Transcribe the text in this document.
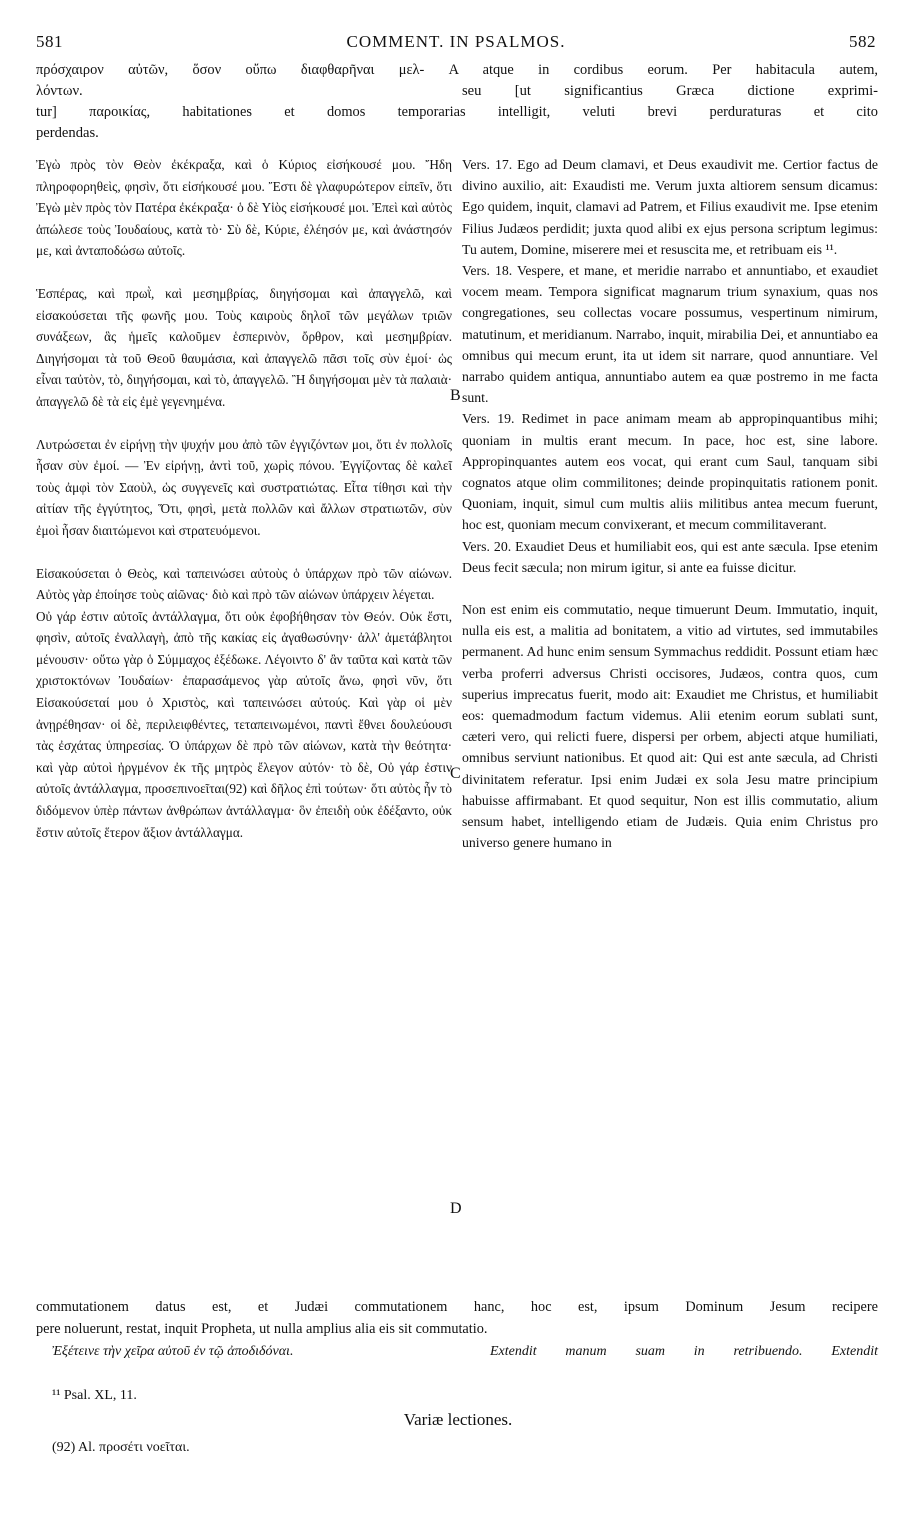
581	COMMENT. IN PSALMOS.	582
πρόσχαιρον αὐτῶν, ὅσον οὔπω διαφθαρῆναι μελ- A atque in cordibus eorum. Per habitacula autem,
λόντων.	seu [ut significantius Græca dictione exprimi-
tur] παροικίας, habitationes et domos temporarias intelligit, veluti brevi perduraturas et cito
perdendas.

Ἐγὼ πρὸς τὸν Θεὸν ἐκέκραξα, καὶ ὁ Κύριος εἰσήκουσέ μου. Ἤδη πληροφορηθεὶς, φησὶν, ὅτι εἰσήκουσέ μου. Ἔστι δὲ γλαφυρώτερον εἰπεῖν, ὅτι Ἐγὼ μὲν πρὸς τὸν Πατέρα ἐκέκραξα· ὁ δὲ Υἱὸς εἰσήκουσέ μοι. Ἐπεὶ καὶ αὐτὸς ἀπώλεσε τοὺς Ἰουδαίους, κατὰ τὸ· Σὺ δὲ, Κύριε, ἐλέησόν με, καὶ ἀνάστησόν με, καὶ ἀνταποδώσω αὐτοῖς.

Ἑσπέρας, καὶ πρωῒ, καὶ μεσημβρίας, διηγήσομαι καὶ ἀπαγγελῶ, καὶ εἰσακούσεται τῆς φωνῆς μου. Τοὺς καιροὺς δηλοῖ τῶν μεγάλων τριῶν συνάξεων, ἃς ἡμεῖς καλοῦμεν ἑσπερινὸν, ὄρθρον, καὶ μεσημβρίαν. Διηγήσομαι τὰ τοῦ Θεοῦ θαυμάσια, καὶ ἀπαγγελῶ πᾶσι τοῖς σὺν ἐμοί· ὡς εἶναι ταὐτὸν, τὸ, διηγήσομαι, καὶ τὸ, ἀπαγγελῶ. Ἢ διηγήσομαι μὲν τὰ παλαιὰ· ἀπαγγελῶ δὲ τὰ εἰς ἐμὲ γεγενημένα.

Λυτρώσεται ἐν εἰρήνῃ τὴν ψυχήν μου ἀπὸ τῶν ἐγγιζόντων μοι, ὅτι ἐν πολλοῖς ἦσαν σὺν ἐμοί. — Ἐν εἰρήνῃ, ἀντὶ τοῦ, χωρὶς πόνου. Ἐγγίζοντας δὲ καλεῖ τοὺς ἀμφὶ τὸν Σαοὺλ, ὡς συγγενεῖς καὶ συστρατιώτας. Εἶτα τίθησι καὶ τὴν αἰτίαν τῆς ἐγγύτητος, Ὅτι, φησὶ, μετὰ πολλῶν καὶ ἄλλων στρατιωτῶν, σὺν ἐμοὶ ἦσαν διαιτώμενοι καὶ στρατευόμενοι.

Εἰσακούσεται ὁ Θεὸς, καὶ ταπεινώσει αὐτοὺς ὁ ὑπάρχων πρὸ τῶν αἰώνων. Αὐτὸς γὰρ ἐποίησε τοὺς αἰῶνας· διὸ καὶ πρὸ τῶν αἰώνων ὑπάρχειν λέγεται.

Οὐ γάρ ἐστιν αὐτοῖς ἀντάλλαγμα, ὅτι οὐκ ἐφοβήθησαν τὸν Θεόν. Οὐκ ἔστι, φησὶν, αὐτοῖς ἐναλλαγὴ, ἀπὸ τῆς κακίας εἰς ἀγαθωσύνην· ἀλλ' ἀμετάβλητοι μένουσιν· οὕτω γὰρ ὁ Σύμμαχος ἐξέδωκε. Λέγοιντο δ' ἂν ταῦτα καὶ κατὰ τῶν χριστοκτόνων Ἰουδαίων· ἐπαρασάμενος γὰρ αὐτοῖς ἄνω, φησὶ νῦν, ὅτι Εἰσακούσεταί μου ὁ Χριστὸς, καὶ ταπεινώσει αὐτούς. Καὶ γὰρ οἱ μὲν ἀνῃρέθησαν· οἱ δὲ, περιλειφθέντες, τεταπεινωμένοι, παντὶ ἔθνει δουλεύουσι τὰς ἐσχάτας ὑπηρεσίας. Ὁ ὑπάρχων δὲ πρὸ τῶν αἰώνων, κατὰ τὴν θεότητα· καὶ γὰρ αὐτοὶ ἠργμένον ἐκ τῆς μητρὸς ἔλεγον αὐτόν· τὸ δὲ, Οὐ γάρ ἐστιν αὐτοῖς ἀντάλλαγμα, προσεπινοεῖται(92) καὶ δῆλος ἐπὶ τούτων· ὅτι αὐτὸς ἦν τὸ διδόμενον ὑπὲρ πάντων ἀνθρώπων ἀντάλλαγμα· ὃν ἐπειδὴ οὐκ ἐδέξαντο, οὐκ ἔστιν αὐτοῖς ἕτερον ἄξιον ἀντάλλαγμα.

Vers. 17. Ego ad Deum clamavi, et Deus exaudivit me. Certior factus de divino auxilio, ait: Exaudisti me. Verum juxta altiorem sensum dicamus: Ego quidem, inquit, clamavi ad Patrem, et Filius exaudivit me. Ipse etenim Filius Judæos perdidit; juxta quod alibi ex ejus persona scriptum legimus: Tu autem, Domine, miserere mei et resuscita me, et retribuam eis ¹¹.

Vers. 18. Vespere, et mane, et meridie narrabo et annuntiabo, et exaudiet vocem meam. Tempora significat magnarum trium synaxium, quas nos congregationes, seu collectas vocare possumus, vespertinum nimirum, matutinum, et meridianum. Narrabo, inquit, mirabilia Dei, et annuntiabo ea omnibus qui mecum erunt, ita ut idem sit narrare, quod annuntiare. Vel narrabo quidem antiqua, annuntiabo autem ea quæ postremo in me facta sunt.

Vers. 19. Redimet in pace animam meam ab appropinquantibus mihi; quoniam in multis erant mecum. In pace, hoc est, sine labore. Appropinquantes autem eos vocat, qui erant cum Saul, tanquam sibi cognatos atque olim commilitones; deinde propinquitatis rationem ponit. Quoniam, inquit, simul cum multis aliis militibus antea mecum fuerunt, hoc est, quoniam mecum convixerant, et mecum commilitaverant.

Vers. 20. Exaudiet Deus et humiliabit eos, qui est ante sæcula. Ipse etenim Deus fecit sæcula; non mirum igitur, si ante ea fuisse dicitur.

Non est enim eis commutatio, neque timuerunt Deum. Immutatio, inquit, nulla eis est, a malitia ad bonitatem, a vitio ad virtutes, sed immutabiles permanent. Ad hunc enim sensum Symmachus reddidit. Possunt etiam hæc verba proferri adversus Christi occisores, Judæos, contra quos, cum superius imprecatus fuerit, modo ait: Exaudiet me Christus, et humiliabit eos: quemadmodum factum videmus. Alii etenim eorum sublati sunt, cæteri vero, qui relicti fuere, dispersi per orbem, abjecti atque humiliati, omnibus serviunt nationibus. Et quod ait: Qui est ante sæcula, ad Christi divinitatem referatur. Ipsi enim Judæi ex sola Jesu matre principium habuisse affirmabant. Et quod sequitur, Non est illis commutatio, alium sensum habet, intelligendo etiam de Judæis. Quia enim Christus pro universo genere humano in

B
C
D
commutationem datus est, et Judæi commutationem hanc, hoc est, ipsum Dominum Jesum recipere
pere noluerunt, restat, inquit Propheta, ut nulla amplius alia eis sit commutatio.
Ἐξέτεινε τὴν χεῖρα αὐτοῦ ἐν τῷ ἀποδιδόναι.	Extendit manum suam in retribuendo. Extendit
¹¹ Psal. XL, 11.
Variæ lectiones.
(92) Al. προσέτι νοεῖται.
